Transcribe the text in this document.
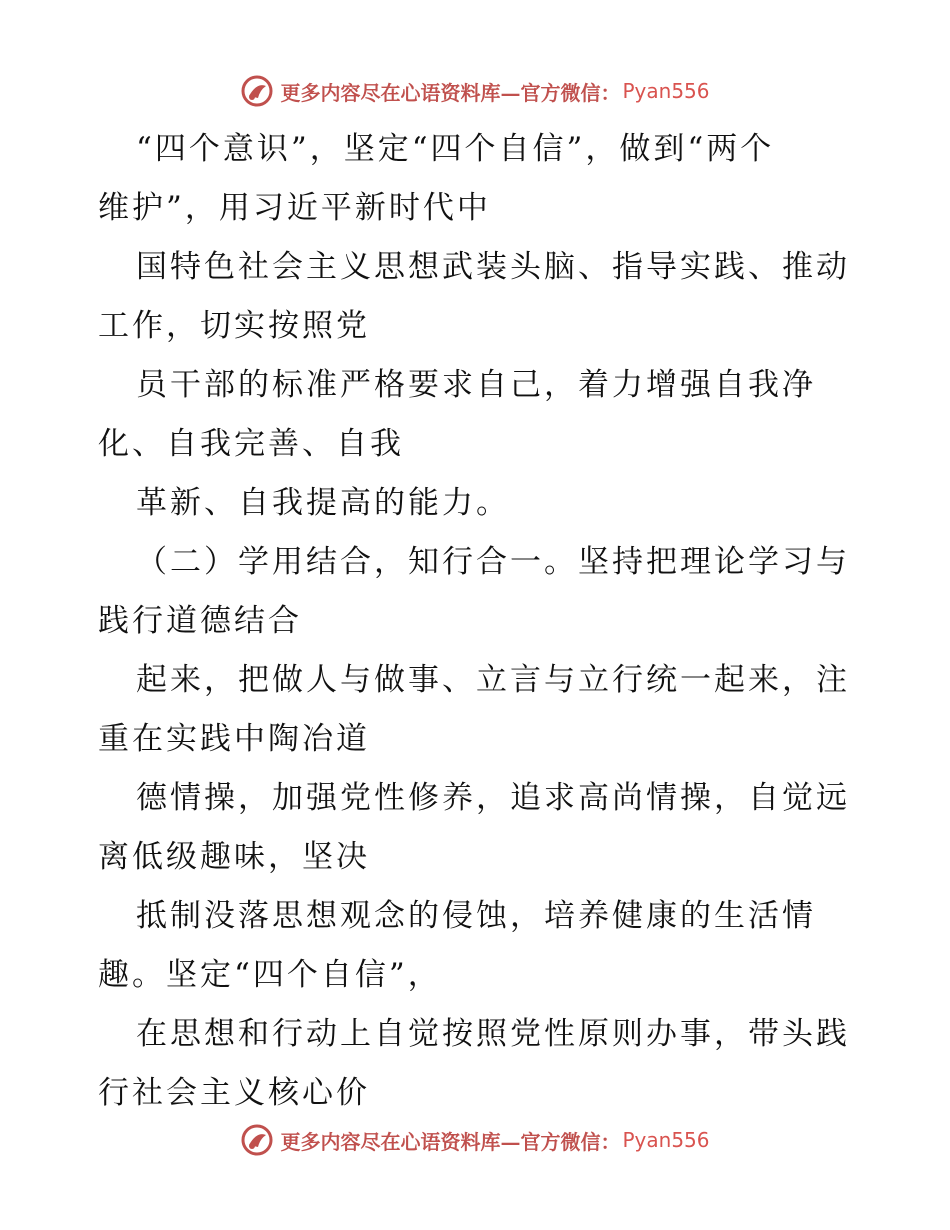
更多内容尽在心语资料库—官方微信： Pyan556
“四个意识”，坚定“四个自信”，做到“两个
维护”，用习近平新时代中
国特色社会主义思想武装头脑、指导实践、推动
工作，切实按照党
员干部的标准严格要求自己，着力增强自我净
化、自我完善、自我
革新、自我提高的能力。
（二）学用结合，知行合一。坚持把理论学习与
践行道德结合
起来，把做人与做事、立言与立行统一起来，注
重在实践中陶冶道
德情操，加强党性修养，追求高尚情操，自觉远
离低级趣味，坚决
抵制没落思想观念的侵蚀，培养健康的生活情
趣。坚定“四个自信”，
在思想和行动上自觉按照党性原则办事，带头践
行社会主义核心价
更多内容尽在心语资料库—官方微信： Pyan556
